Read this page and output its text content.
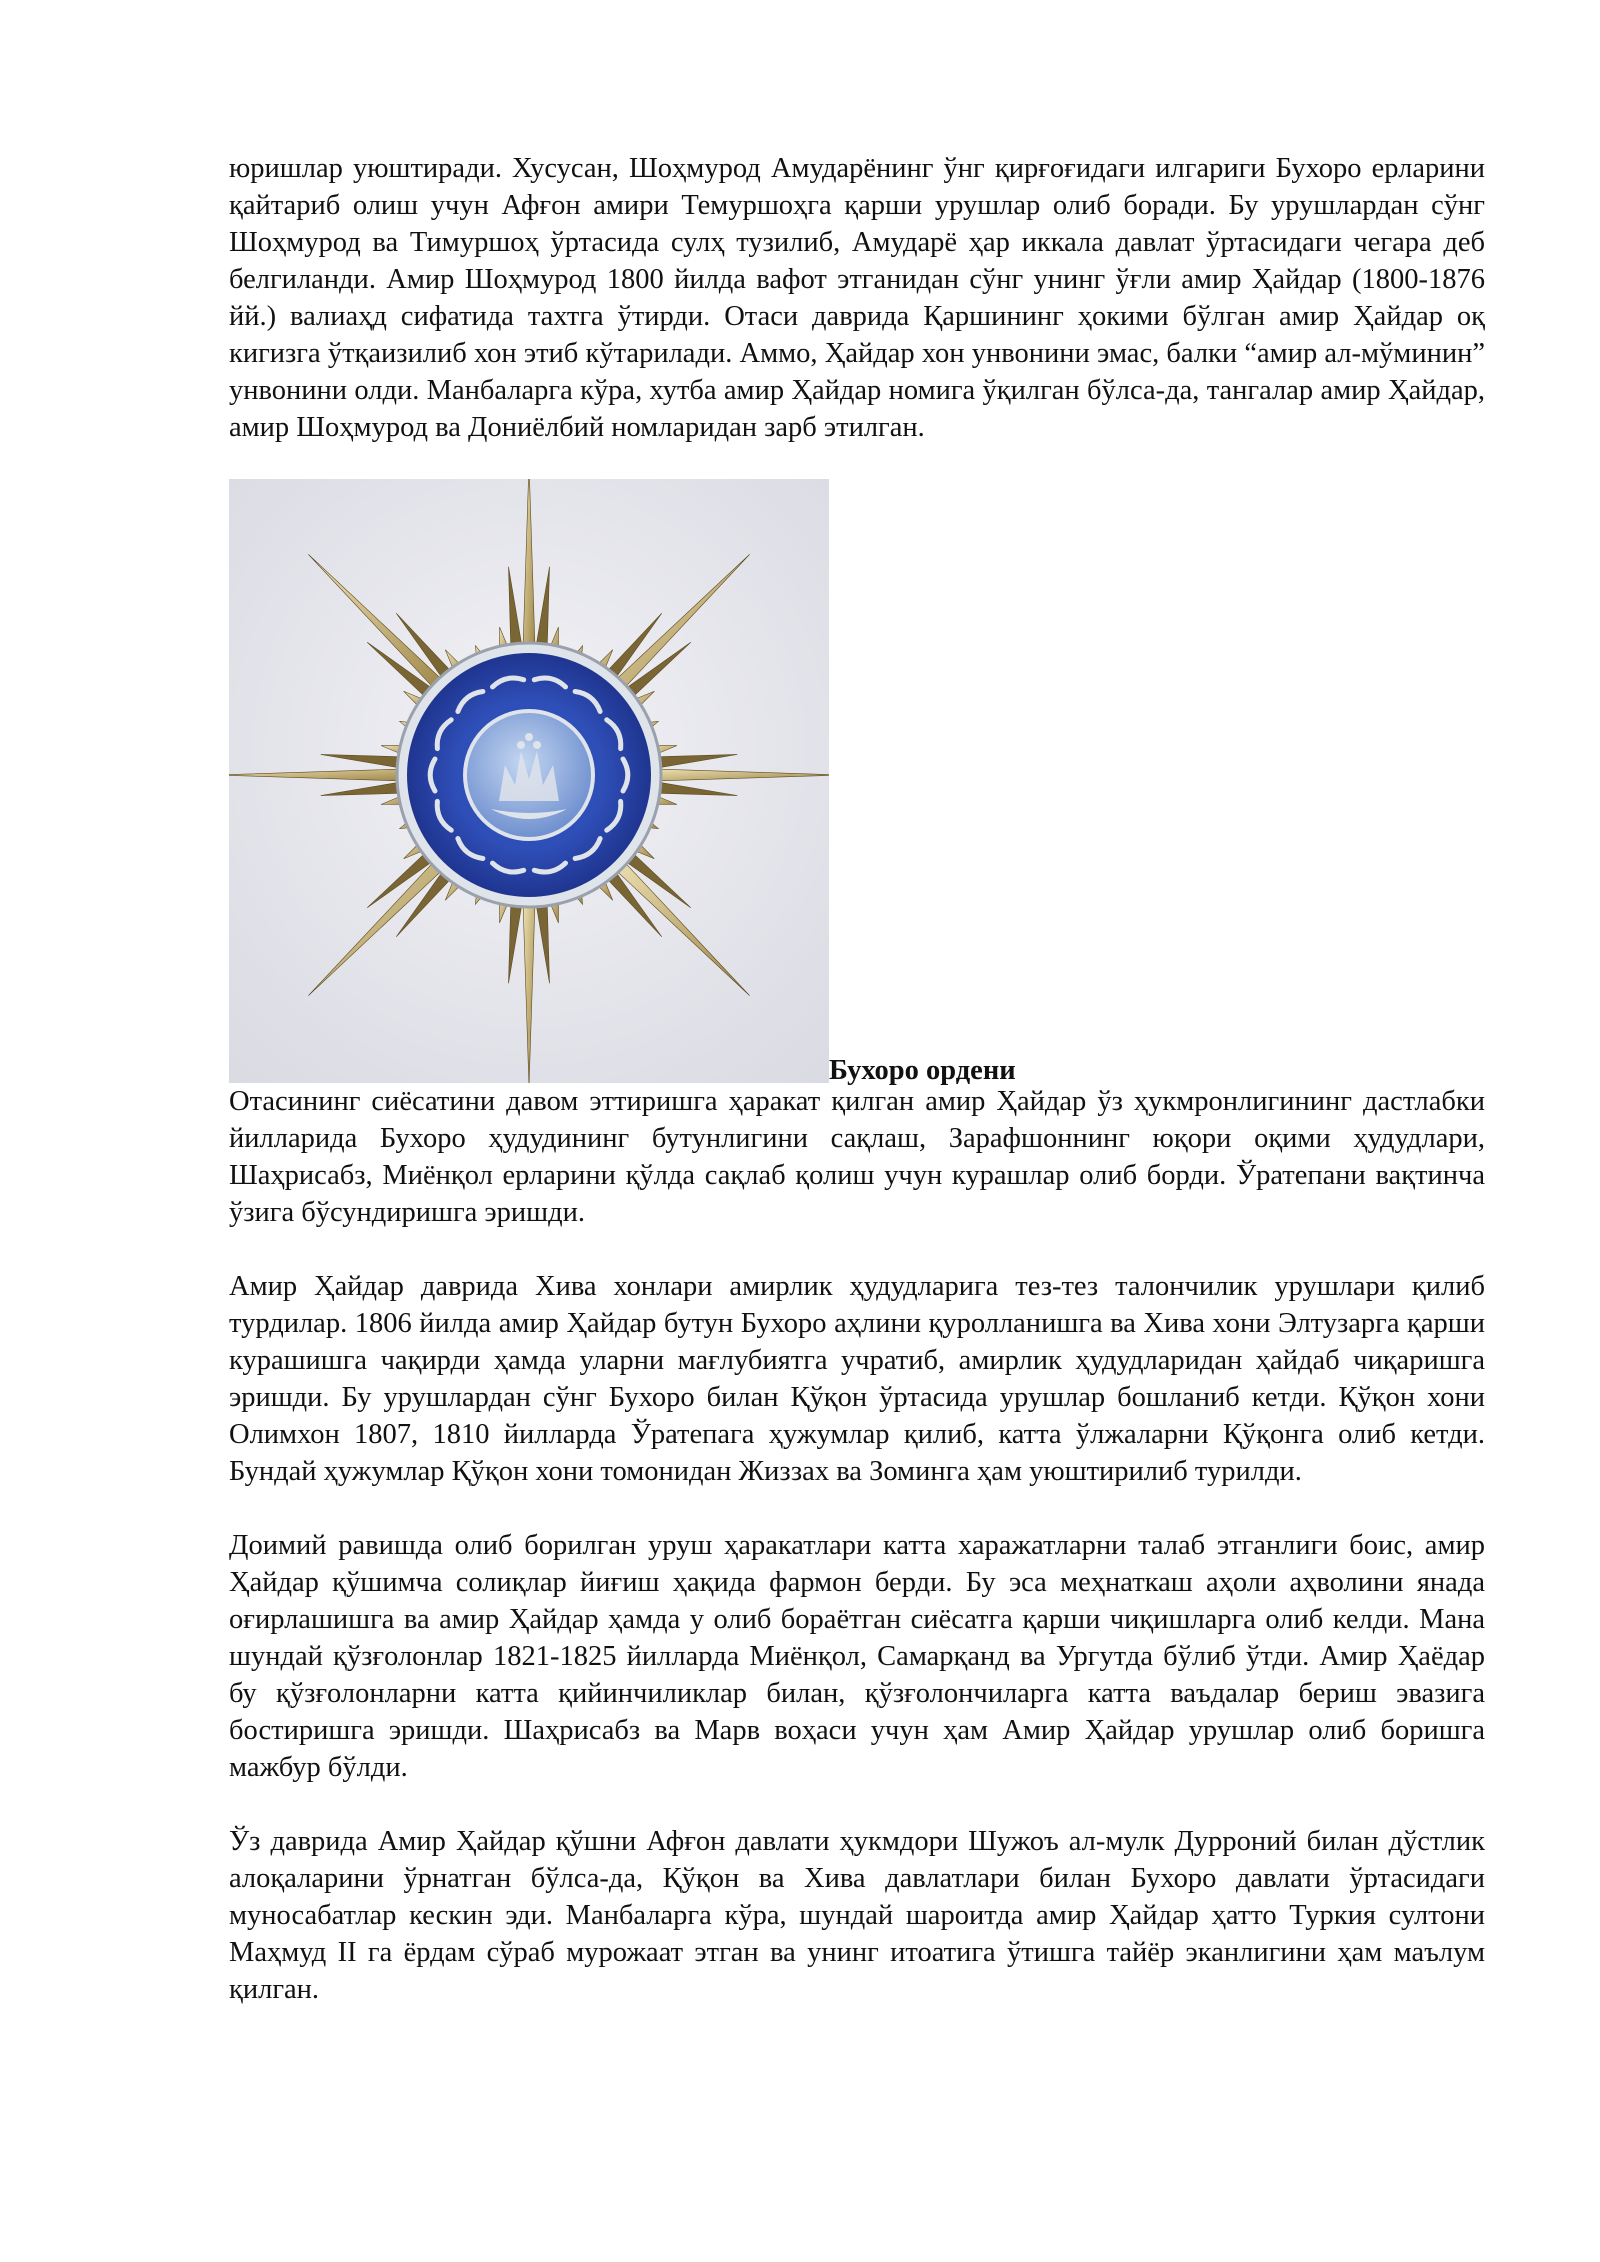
юришлар уюштиради. Хусусан, Шоҳмурод Амударёнинг ўнг қирғоғидаги илгариги Бухоро ерларини қайтариб олиш учун Афғон амири Темуршоҳга қарши урушлар олиб боради. Бу урушлардан сўнг Шоҳмурод ва Тимуршоҳ ўртасида сулҳ тузилиб, Амударё ҳар иккала давлат ўртасидаги чегара деб белгиланди. Амир Шоҳмурод 1800 йилда вафот этганидан сўнг унинг ўғли амир Ҳайдар (1800-1876 йй.) валиаҳд сифатида тахтга ўтирди. Отаси даврида Қаршининг ҳокими бўлган амир Ҳайдар оқ кигизга ўтқаизилиб хон этиб кўтарилади. Аммо, Ҳайдар хон унвонини эмас, балки “амир ал-мўминин” унвонини олди. Манбаларга кўра, хутба амир Ҳайдар номига ўқилган бўлса-да, тангалар амир Ҳайдар, амир Шоҳмурод ва Дониёлбий номларидан зарб этилган.

Бухоро ордени

Отасининг сиёсатини давом эттиришга ҳаракат қилган амир Ҳайдар ўз ҳукмронлигининг дастлабки йилларида Бухоро ҳудудининг бутунлигини сақлаш, Зарафшоннинг юқори оқими ҳудудлари, Шаҳрисабз, Миёнқол ерларини қўлда сақлаб қолиш учун курашлар олиб борди. Ўратепани вақтинча ўзига бўсундиришга эришди.

Амир Ҳайдар даврида Хива хонлари амирлик ҳудудларига тез-тез талончилик урушлари қилиб турдилар. 1806 йилда амир Ҳайдар бутун Бухоро аҳлини қуролланишга ва Хива хони Элтузарга қарши курашишга чақирди ҳамда уларни мағлубиятга учратиб, амирлик ҳудудларидан ҳайдаб чиқаришга эришди. Бу урушлардан сўнг Бухоро билан Қўқон ўртасида урушлар бошланиб кетди. Қўқон хони Олимхон 1807, 1810 йилларда Ўратепага ҳужумлар қилиб, катта ўлжаларни Қўқонга олиб кетди. Бундай ҳужумлар Қўқон хони томонидан Жиззах ва Зоминга ҳам уюштирилиб турилди.

Доимий равишда олиб борилган уруш ҳаракатлари катта харажатларни талаб этганлиги боис, амир Ҳайдар қўшимча солиқлар йиғиш ҳақида фармон берди. Бу эса меҳнаткаш аҳоли аҳволини янада оғирлашишга ва амир Ҳайдар ҳамда у олиб бораётган сиёсатга қарши чиқишларга олиб келди. Мана шундай қўзғолонлар 1821-1825 йилларда Миёнқол, Самарқанд ва Ургутда бўлиб ўтди. Амир Ҳаёдар бу қўзғолонларни катта қийинчиликлар билан, қўзғолончиларга катта ваъдалар бериш эвазига бостиришга эришди. Шаҳрисабз ва Марв воҳаси учун ҳам Амир Ҳайдар урушлар олиб боришга мажбур бўлди.

Ўз даврида Амир Ҳайдар қўшни Афғон давлати ҳукмдори Шужоъ ал-мулк Дурроний билан дўстлик алоқаларини ўрнатган бўлса-да, Қўқон ва Хива давлатлари билан Бухоро давлати ўртасидаги муносабатлар кескин эди. Манбаларга кўра, шундай шароитда амир Ҳайдар ҳатто Туркия султони Маҳмуд II га ёрдам сўраб мурожаат этган ва унинг итоатига ўтишга тайёр эканлигини ҳам маълум қилган.
